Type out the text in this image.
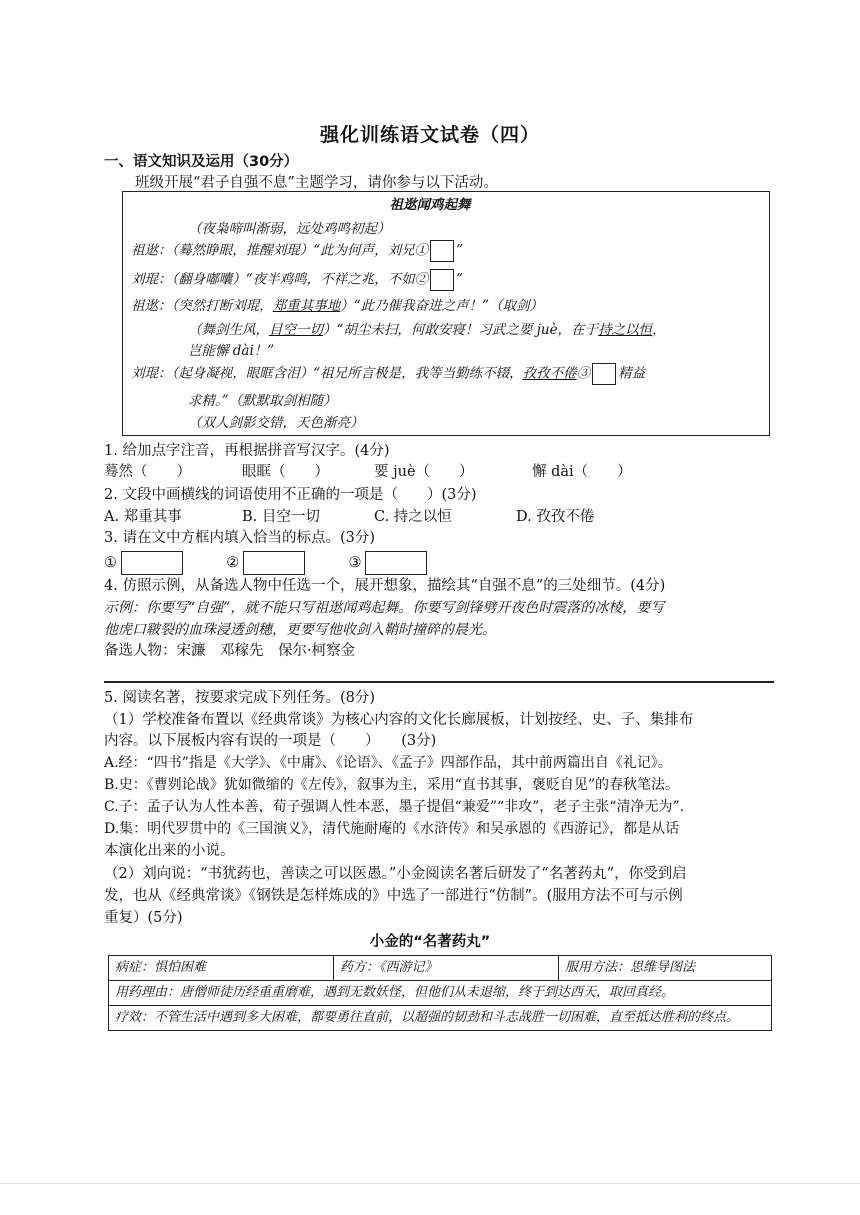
强化训练语文试卷（四）
一、语文知识及运用（30分）
班级开展“君子自强不息”主题学习，请你参与以下活动。
祖逖闻鸡起舞
（夜枭啼叫渐弱，远处鸡鸣初起）
祖逖：（蓦然睁眼，推醒刘琨）“此为何声，刘兄① ”
刘琨：（翻身嘟囔）“夜半鸡鸣，不祥之兆，不如② ”
祖逖：（突然打断刘琨，郑重其事地）“此乃催我奋进之声！”（取剑）
（舞剑生风，目空一切）“胡尘未扫，何敢安寝！习武之要 juè，在于持之以恒，
岂能懈 dài！”
刘琨：（起身凝视，眼眶含泪）“祖兄所言极是，我等当勤练不辍，孜孜不倦③ 精益
求精。”（默默取剑相随）
（双人剑影交错，天色渐亮）
1. 给加点字注音，再根据拼音写汉字。(4分)
蓦然（　　）	眼眶（　　）	要 juè（　　）	懈 dài（　　）
2. 文段中画横线的词语使用不正确的一项是（　　）(3分)
A. 郑重其事	B. 目空一切	C. 持之以恒	D. 孜孜不倦
3. 请在文中方框内填入恰当的标点。(3分)
①	②	③
4. 仿照示例，从备选人物中任选一个，展开想象，描绘其“自强不息”的三处细节。(4分)
示例：你要写“自强”，就不能只写祖逖闻鸡起舞。你要写剑锋劈开夜色时震落的冰棱，要写
他虎口皲裂的血珠浸透剑穗，更要写他收剑入鞘时撞碎的晨光。
备选人物：宋濂　邓稼先　保尔·柯察金
5. 阅读名著，按要求完成下列任务。(8分)
（1）学校准备布置以《经典常谈》为核心内容的文化长廊展板，计划按经、史、子、集排布
内容。以下展板内容有误的一项是（　　）　　(3分)
A.经：“四书”指是《大学》、《中庸》、《论语》、《孟子》四部作品，其中前两篇出自《礼记》。
B.史：《曹刿论战》犹如微缩的《左传》，叙事为主，采用“直书其事，褒贬自见”的春秋笔法。
C.子：孟子认为人性本善，荀子强调人性本恶，墨子提倡“兼爱”“非攻”，老子主张“清净无为”.
D.集：明代罗贯中的《三国演义》，清代施耐庵的《水浒传》和吴承恩的《西游记》，都是从话
本演化出来的小说。
（2）刘向说：“书犹药也，善读之可以医愚。”小金阅读名著后研发了“名著药丸”，你受到启
发，也从《经典常谈》《钢铁是怎样炼成的》中选了一部进行“仿制”。(服用方法不可与示例
重复）(5分)
小金的“名著药丸”
病症：惧怕困难	药方：《西游记》	服用方法：思维导图法
用药理由：唐僧师徒历经重重磨难，遇到无数妖怪，但他们从未退缩，终于到达西天，取回真经。
疗效：不管生活中遇到多大困难，都要勇往直前，以超强的韧劲和斗志战胜一切困难，直至抵达胜利的终点。
